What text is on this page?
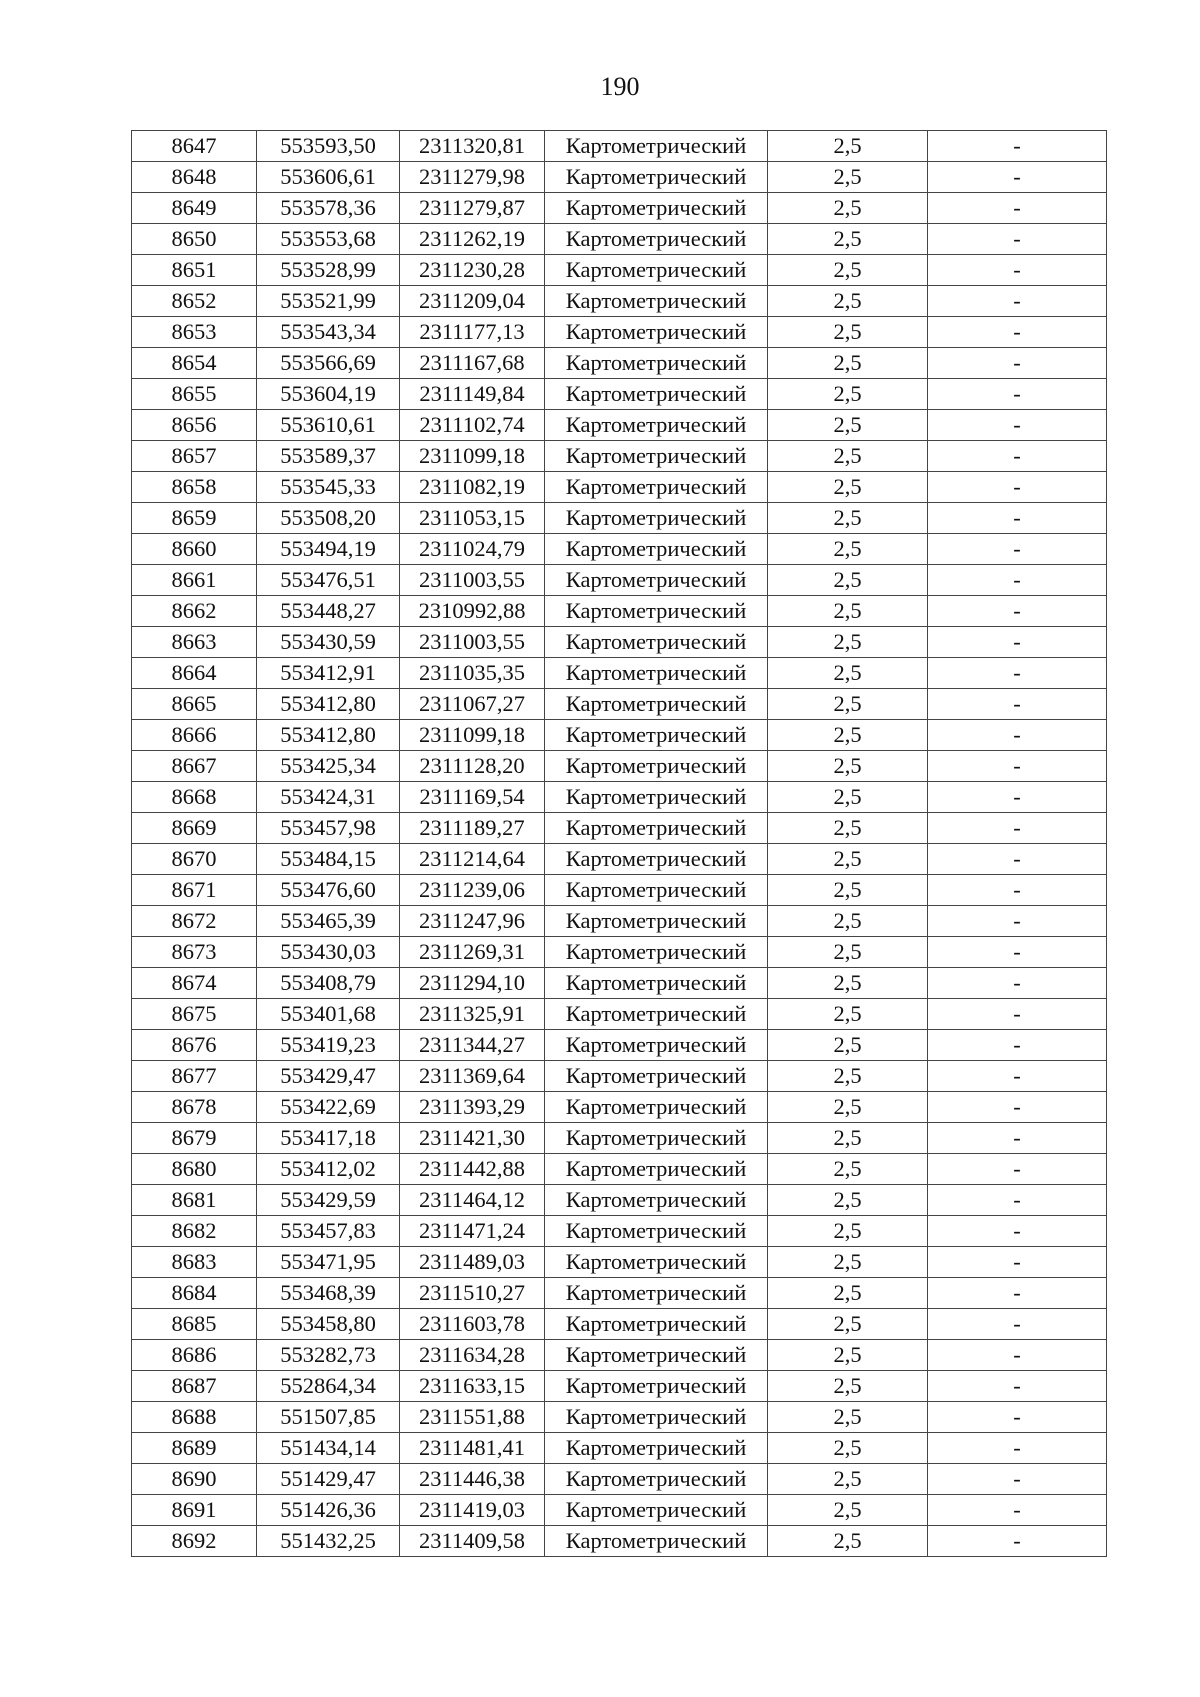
190
8647	553593,50	2311320,81	Картометрический	2,5	-
8648	553606,61	2311279,98	Картометрический	2,5	-
8649	553578,36	2311279,87	Картометрический	2,5	-
8650	553553,68	2311262,19	Картометрический	2,5	-
8651	553528,99	2311230,28	Картометрический	2,5	-
8652	553521,99	2311209,04	Картометрический	2,5	-
8653	553543,34	2311177,13	Картометрический	2,5	-
8654	553566,69	2311167,68	Картометрический	2,5	-
8655	553604,19	2311149,84	Картометрический	2,5	-
8656	553610,61	2311102,74	Картометрический	2,5	-
8657	553589,37	2311099,18	Картометрический	2,5	-
8658	553545,33	2311082,19	Картометрический	2,5	-
8659	553508,20	2311053,15	Картометрический	2,5	-
8660	553494,19	2311024,79	Картометрический	2,5	-
8661	553476,51	2311003,55	Картометрический	2,5	-
8662	553448,27	2310992,88	Картометрический	2,5	-
8663	553430,59	2311003,55	Картометрический	2,5	-
8664	553412,91	2311035,35	Картометрический	2,5	-
8665	553412,80	2311067,27	Картометрический	2,5	-
8666	553412,80	2311099,18	Картометрический	2,5	-
8667	553425,34	2311128,20	Картометрический	2,5	-
8668	553424,31	2311169,54	Картометрический	2,5	-
8669	553457,98	2311189,27	Картометрический	2,5	-
8670	553484,15	2311214,64	Картометрический	2,5	-
8671	553476,60	2311239,06	Картометрический	2,5	-
8672	553465,39	2311247,96	Картометрический	2,5	-
8673	553430,03	2311269,31	Картометрический	2,5	-
8674	553408,79	2311294,10	Картометрический	2,5	-
8675	553401,68	2311325,91	Картометрический	2,5	-
8676	553419,23	2311344,27	Картометрический	2,5	-
8677	553429,47	2311369,64	Картометрический	2,5	-
8678	553422,69	2311393,29	Картометрический	2,5	-
8679	553417,18	2311421,30	Картометрический	2,5	-
8680	553412,02	2311442,88	Картометрический	2,5	-
8681	553429,59	2311464,12	Картометрический	2,5	-
8682	553457,83	2311471,24	Картометрический	2,5	-
8683	553471,95	2311489,03	Картометрический	2,5	-
8684	553468,39	2311510,27	Картометрический	2,5	-
8685	553458,80	2311603,78	Картометрический	2,5	-
8686	553282,73	2311634,28	Картометрический	2,5	-
8687	552864,34	2311633,15	Картометрический	2,5	-
8688	551507,85	2311551,88	Картометрический	2,5	-
8689	551434,14	2311481,41	Картометрический	2,5	-
8690	551429,47	2311446,38	Картометрический	2,5	-
8691	551426,36	2311419,03	Картометрический	2,5	-
8692	551432,25	2311409,58	Картометрический	2,5	-
